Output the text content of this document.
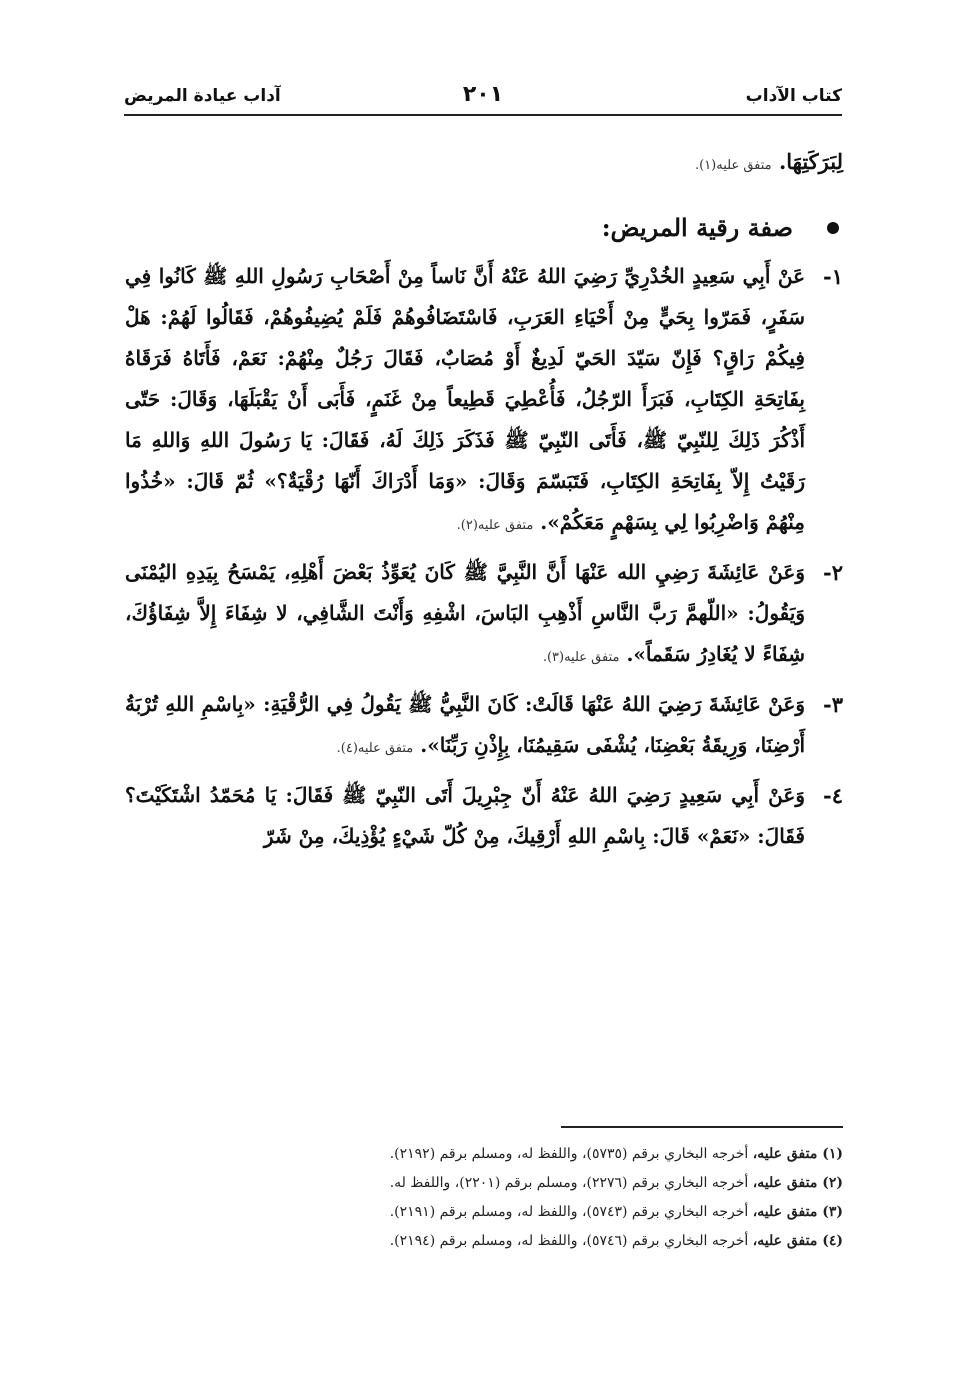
كتاب الآداب
٢٠١
آداب عيادة المريض
لِبَرَكَتِهَا. متفق عليه(١).
صفة رقية المريض:
١-
عَنْ أَبِي سَعِيدٍ الخُدْرِيِّ رَضِيَ اللهُ عَنْهُ أَنَّ نَاساً مِنْ أَصْحَابِ رَسُولِ اللهِ ﷺ كَانُوا فِي سَفَرٍ، فَمَرّوا بِحَيٍّ مِنْ أَحْيَاءِ العَرَبِ، فَاسْتَضَافُوهُمْ فَلَمْ يُضِيفُوهُمْ، فَقَالُوا لَهُمْ: هَلْ فِيكُمْ رَاقٍ؟ فَإِنّ سَيّدَ الحَيّ لَدِيغٌ أَوْ مُصَابٌ، فَقَالَ رَجُلٌ مِنْهُمْ: نَعَمْ، فَأَتَاهُ فَرَقَاهُ بِفَاتِحَةِ الكِتَابِ، فَبَرَأَ الرّجُلُ، فَأُعْطِيَ قَطِيعاً مِنْ غَنَمٍ، فَأَبَى أَنْ يَقْبَلَهَا، وَقَالَ: حَتّى أَذْكُرَ ذَلِكَ لِلنّبِيّ ﷺ، فَأَتَى النّبِيّ ﷺ فَذَكَرَ ذَلِكَ لَهُ، فَقَالَ: يَا رَسُولَ اللهِ وَاللهِ مَا رَقَيْتُ إِلاّ بِفَاتِحَةِ الكِتَابِ، فَتَبَسّمَ وَقَالَ: «وَمَا أَدْرَاكَ أَنّهَا رُقْيَةٌ؟» ثُمّ قَالَ: «خُذُوا مِنْهُمْ وَاضْرِبُوا لِي بِسَهْمٍ مَعَكُمْ». متفق عليه(٢).
٢-
وَعَنْ عَائِشَةَ رَضِيِ الله عَنْهَا أَنَّ النَّبِيَّ ﷺ كَانَ يُعَوِّذُ بَعْضَ أَهْلِهِ، يَمْسَحُ بِيَدِهِ اليُمْنَى وَيَقُولُ: «اللّهمَّ رَبَّ النَّاسِ أَذْهِبِ البَاسَ، اشْفِهِ وَأَنْتَ الشَّافِي، لا شِفَاءَ إِلاَّ شِفَاؤُكَ، شِفَاءً لا يُغَادِرُ سَقَماً». متفق عليه(٣).
٣-
وَعَنْ عَائِشَةَ رَضِيَ اللهُ عَنْهَا قَالَتْ: كَانَ النَّبِيُّ ﷺ يَقُولُ فِي الرُّقْيَةِ: «بِاسْمِ اللهِ تُرْبَةُ أَرْضِنَا، وَرِيقَةُ بَعْضِنَا، يُشْفَى سَقِيمُنَا، بِإِذْنِ رَبِّنَا». متفق عليه(٤).
٤-
وَعَنْ أَبِي سَعِيدٍ رَضِيَ اللهُ عَنْهُ أَنّ جِبْرِيلَ أَتَى النّبِيّ ﷺ فَقَالَ: يَا مُحَمّدُ اشْتَكَيْتَ؟ فَقَالَ: «نَعَمْ» قَالَ: بِاسْمِ اللهِ أَرْقِيكَ، مِنْ كُلّ شَيْءٍ يُؤْذِيكَ، مِنْ شَرّ
(١) متفق عليه، أخرجه البخاري برقم (٥٧٣٥)، واللفظ له، ومسلم برقم (٢١٩٢).
(٢) متفق عليه، أخرجه البخاري برقم (٢٢٧٦)، ومسلم برقم (٢٢٠١)، واللفظ له.
(٣) متفق عليه، أخرجه البخاري برقم (٥٧٤٣)، واللفظ له، ومسلم برقم (٢١٩١).
(٤) متفق عليه، أخرجه البخاري برقم (٥٧٤٦)، واللفظ له، ومسلم برقم (٢١٩٤).
